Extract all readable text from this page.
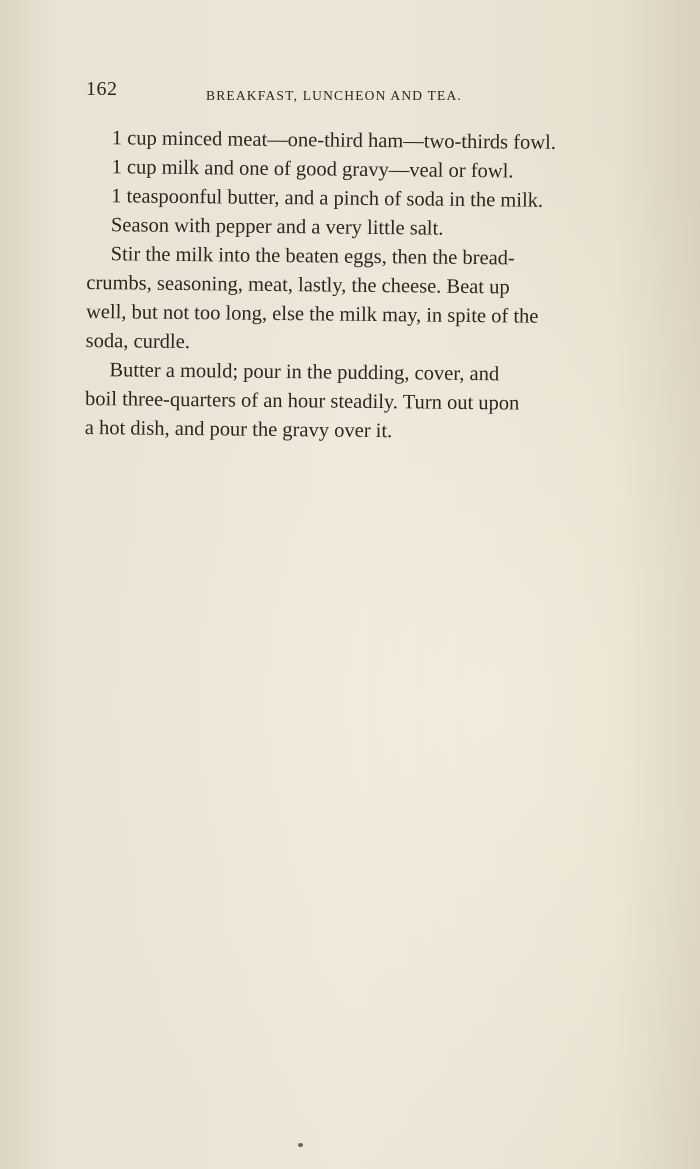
162	BREAKFAST, LUNCHEON AND TEA.

1 cup minced meat—one-third ham—two-thirds fowl.

1 cup milk and one of good gravy—veal or fowl.

1 teaspoonful butter, and a pinch of soda in the milk.

Season with pepper and a very little salt.

Stir the milk into the beaten eggs, then the bread-
crumbs, seasoning, meat, lastly, the cheese. Beat up
well, but not too long, else the milk may, in spite of the
soda, curdle.

Butter a mould; pour in the pudding, cover, and
boil three-quarters of an hour steadily. Turn out upon
a hot dish, and pour the gravy over it.
